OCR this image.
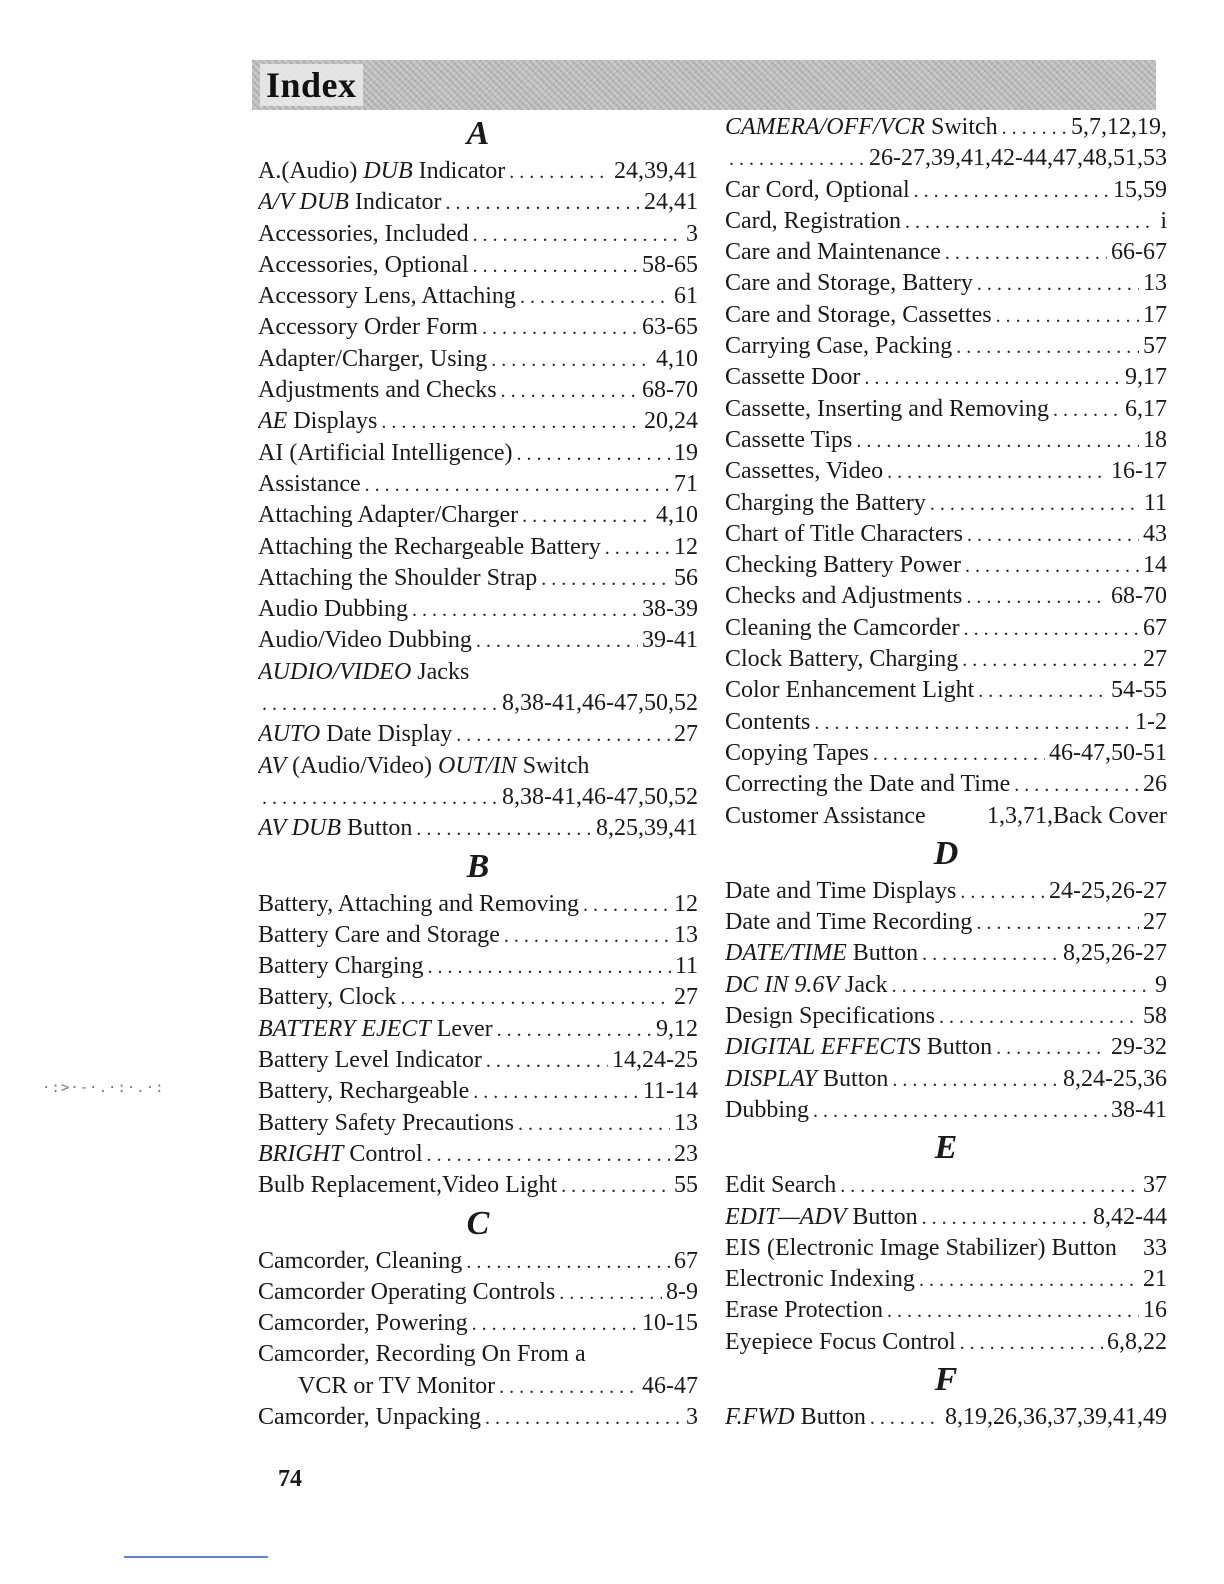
Index
A
A.(Audio) DUB Indicator . . .	24,39,41
A/V DUB Indicator . . .	24,41
Accessories, Included . . .	3
Accessories, Optional . . .	58-65
Accessory Lens, Attaching . . .	61
Accessory Order Form . . .	63-65
Adapter/Charger, Using . . .	4,10
Adjustments and Checks . . .	68-70
AE Displays . . .	20,24
AI (Artificial Intelligence) . . .	19
Assistance . . .	71
Attaching Adapter/Charger . . .	4,10
Attaching the Rechargeable Battery . . .	12
Attaching the Shoulder Strap . . .	56
Audio Dubbing . . .	38-39
Audio/Video Dubbing . . .	39-41
AUDIO/VIDEO Jacks
. . .
8,38-41,46-47,50,52
AUTO Date Display . . .	27
AV (Audio/Video) OUT/IN Switch
. . .
8,38-41,46-47,50,52
AV DUB Button . . .	8,25,39,41
B
Battery, Attaching and Removing . . .	12
Battery Care and Storage . . .	13
Battery Charging . . .	11
Battery, Clock . . .	27
BATTERY EJECT Lever . . .	9,12
Battery Level Indicator . . .	14,24-25
Battery, Rechargeable . . .	11-14
Battery Safety Precautions . . .	13
BRIGHT Control . . .	23
Bulb Replacement,Video Light . . .	55
C
Camcorder, Cleaning . . .	67
Camcorder Operating Controls . . .	8-9
Camcorder, Powering . . .	10-15
Camcorder, Recording On From a
VCR or TV Monitor . . .	46-47
Camcorder, Unpacking . . .	3
CAMERA/OFF/VCR Switch . . .	5,7,12,19,
. . .
26-27,39,41,42-44,47,48,51,53
Car Cord, Optional . . .	15,59
Card, Registration . . .	i
Care and Maintenance . . .	66-67
Care and Storage, Battery . . .	13
Care and Storage, Cassettes . . .	17
Carrying Case, Packing . . .	57
Cassette Door . . .	9,17
Cassette, Inserting and Removing . . .	6,17
Cassette Tips . . .	18
Cassettes, Video . . .	16-17
Charging the Battery . . .	11
Chart of Title Characters . . .	43
Checking Battery Power . . .	14
Checks and Adjustments . . .	68-70
Cleaning the Camcorder . . .	67
Clock Battery, Charging . . .	27
Color Enhancement Light . . .	54-55
Contents . . .	1-2
Copying Tapes . . .	46-47,50-51
Correcting the Date and Time . . .	26
Customer Assistance	1,3,71,Back Cover
D
Date and Time Displays . . .	24-25,26-27
Date and Time Recording . . .	27
DATE/TIME Button . . .	8,25,26-27
DC IN 9.6V Jack . . .	9
Design Specifications . . .	58
DIGITAL EFFECTS Button . . .	29-32
DISPLAY Button . . .	8,24-25,36
Dubbing . . .	38-41
E
Edit Search . . .	37
EDIT—ADV Button . . .	8,42-44
EIS (Electronic Image Stabilizer) Button 33
Electronic Indexing . . .	21
Erase Protection . . .	16
Eyepiece Focus Control . . .	6,8,22
F
F.FWD Button . . .	8,19,26,36,37,39,41,49
·:>·-·.·:·.·:
74
